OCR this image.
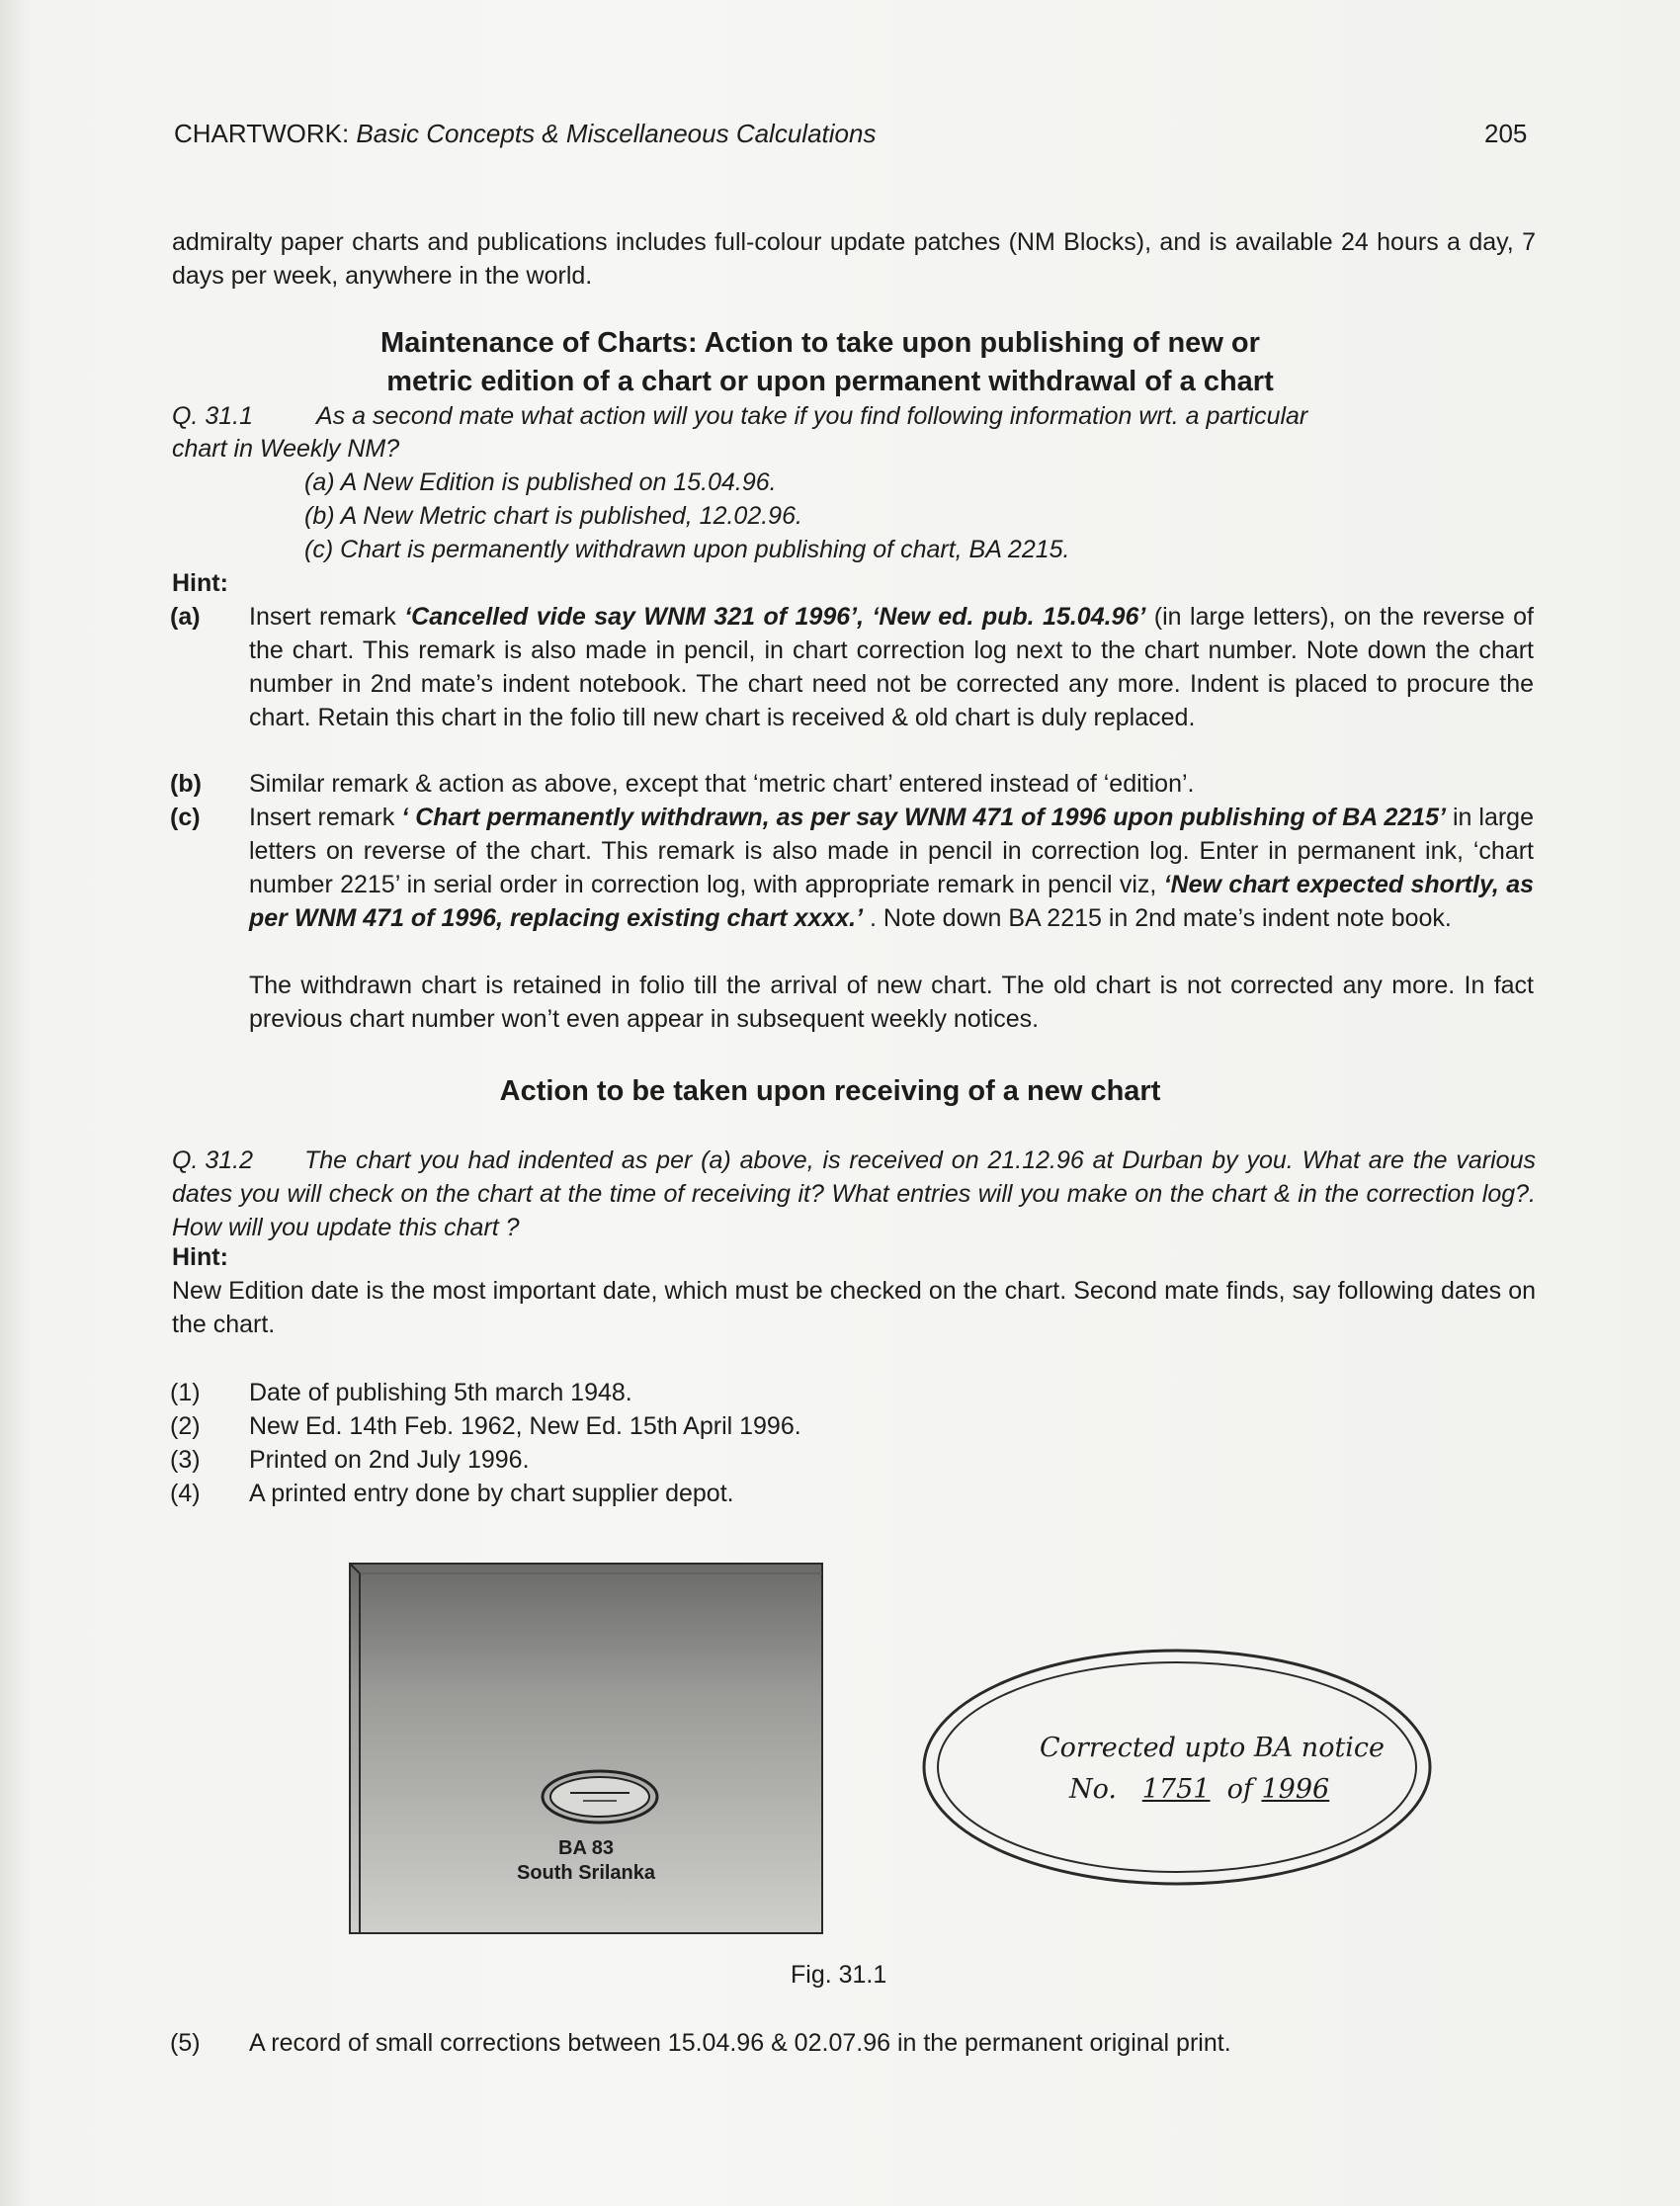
CHARTWORK: Basic Concepts & Miscellaneous Calculations	205
admiralty paper charts and publications includes full-colour update patches (NM Blocks), and is available 24 hours a day, 7 days per week, anywhere in the world.
Maintenance of Charts: Action to take upon publishing of new or
metric edition of a chart or upon permanent withdrawal of a chart
Q. 31.1	As a second mate what action will you take if you find following information wrt. a particular
chart in Weekly NM?
(a) A New Edition is published on 15.04.96.
(b) A New Metric chart is published, 12.02.96.
(c) Chart is permanently withdrawn upon publishing of chart, BA 2215.
Hint:
(a) Insert remark ‘Cancelled vide say WNM 321 of 1996’, ‘New ed. pub. 15.04.96’ (in large letters), on the reverse of the chart. This remark is also made in pencil, in chart correction log next to the chart number. Note down the chart number in 2nd mate’s indent notebook. The chart need not be corrected any more. Indent is placed to procure the chart. Retain this chart in the folio till new chart is received & old chart is duly replaced.
(b) Similar remark & action as above, except that ‘metric chart’ entered instead of ‘edition’.
(c) Insert remark ‘ Chart permanently withdrawn, as per say WNM 471 of 1996 upon publishing of BA 2215’ in large letters on reverse of the chart. This remark is also made in pencil in correction log. Enter in permanent ink, ‘chart number 2215’ in serial order in correction log, with appropriate remark in pencil viz, ‘New chart expected shortly, as per WNM 471 of 1996, replacing existing chart xxxx.’ . Note down BA 2215 in 2nd mate’s indent note book.
The withdrawn chart is retained in folio till the arrival of new chart. The old chart is not corrected any more. In fact previous chart number won’t even appear in subsequent weekly notices.
Action to be taken upon receiving of a new chart
Q. 31.2	The chart you had indented as per (a) above, is received on 21.12.96 at Durban by you. What are the various dates you will check on the chart at the time of receiving it? What entries will you make on the chart & in the correction log?. How will you update this chart ?
Hint:
New Edition date is the most important date, which must be checked on the chart. Second mate finds, say following dates on the chart.
(1) Date of publishing 5th march 1948.
(2) New Ed. 14th Feb. 1962, New Ed. 15th April 1996.
(3) Printed on 2nd July 1996.
(4) A printed entry done by chart supplier depot.
BA 83
South Srilanka
Corrected upto BA notice
No. 1751 of 1996
Fig. 31.1
(5) A record of small corrections between 15.04.96 & 02.07.96 in the permanent original print.
